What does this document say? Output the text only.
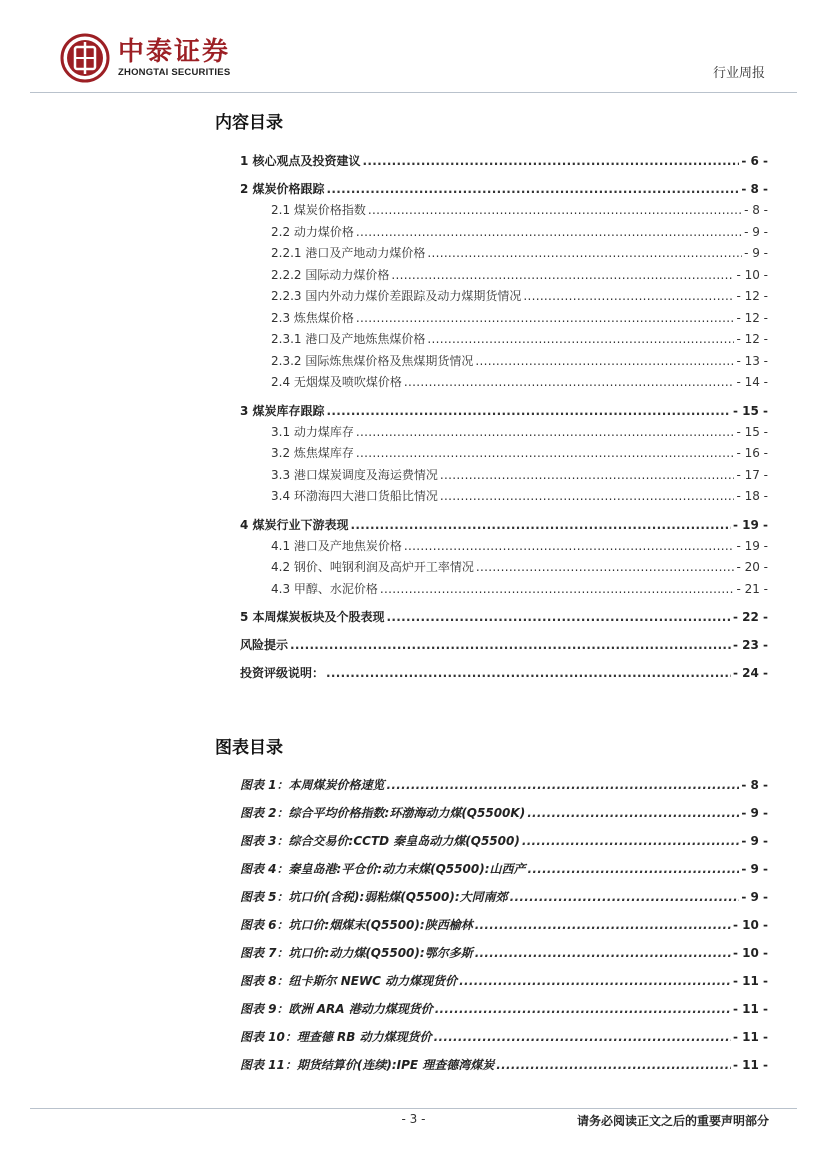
中泰证券
ZHONGTAI SECURITIES	行业周报
内容目录
1 核心观点及投资建议 .....	- 6 -
2 煤炭价格跟踪 .....	- 8 -
2.1 煤炭价格指数 .....	- 8 -
2.2 动力煤价格 .....	- 9 -
2.2.1 港口及产地动力煤价格 .....	- 9 -
2.2.2 国际动力煤价格 .....	- 10 -
2.2.3 国内外动力煤价差跟踪及动力煤期货情况 .....	- 12 -
2.3 炼焦煤价格 .....	- 12 -
2.3.1 港口及产地炼焦煤价格 .....	- 12 -
2.3.2 国际炼焦煤价格及焦煤期货情况 .....	- 13 -
2.4 无烟煤及喷吹煤价格 .....	- 14 -
3 煤炭库存跟踪 .....	- 15 -
3.1 动力煤库存 .....	- 15 -
3.2 炼焦煤库存 .....	- 16 -
3.3 港口煤炭调度及海运费情况 .....	- 17 -
3.4 环渤海四大港口货船比情况 .....	- 18 -
4 煤炭行业下游表现 .....	- 19 -
4.1 港口及产地焦炭价格 .....	- 19 -
4.2 钢价、吨钢利润及高炉开工率情况 .....	- 20 -
4.3 甲醇、水泥价格 .....	- 21 -
5 本周煤炭板块及个股表现 .....	- 22 -
风险提示 .....	- 23 -
投资评级说明： .....	- 24 -
图表目录
图表 1：本周煤炭价格速览 .....	- 8 -
图表 2：综合平均价格指数:环渤海动力煤(Q5500K) .....	- 9 -
图表 3：综合交易价:CCTD 秦皇岛动力煤(Q5500) .....	- 9 -
图表 4：秦皇岛港:平仓价:动力末煤(Q5500):山西产 .....	- 9 -
图表 5：坑口价(含税):弱粘煤(Q5500):大同南郊 .....	- 9 -
图表 6：坑口价:烟煤末(Q5500):陕西榆林 .....	- 10 -
图表 7：坑口价:动力煤(Q5500):鄂尔多斯 .....	- 10 -
图表 8：纽卡斯尔 NEWC 动力煤现货价 .....	- 11 -
图表 9：欧洲 ARA 港动力煤现货价 .....	- 11 -
图表 10：理查德 RB 动力煤现货价 .....	- 11 -
图表 11：期货结算价(连续):IPE 理查德湾煤炭 .....	- 11 -
- 3 -	请务必阅读正文之后的重要声明部分
